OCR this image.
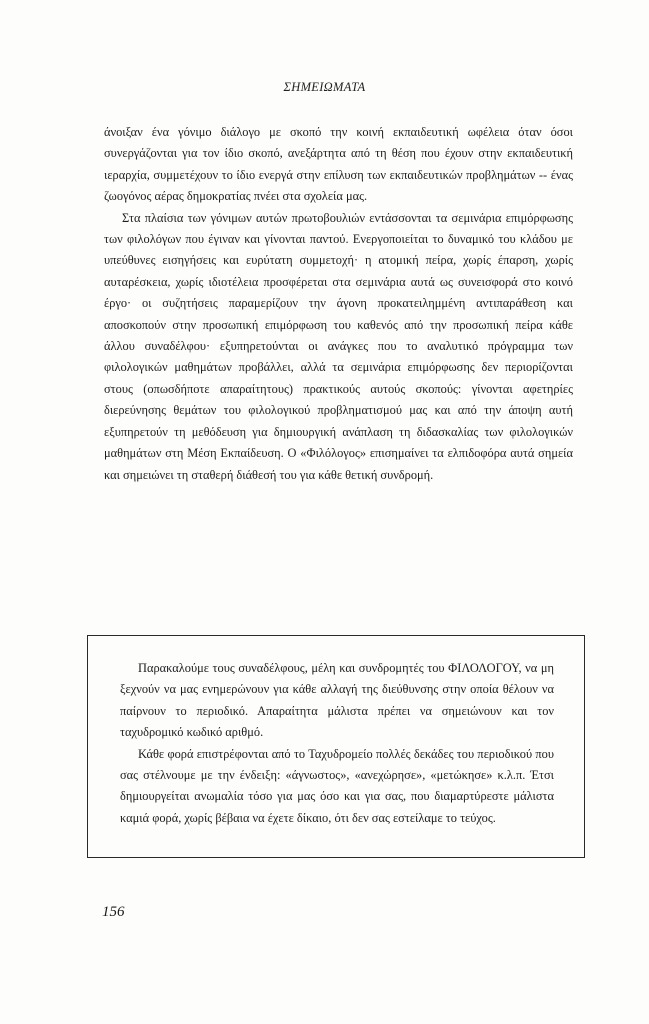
ΣΗΜΕΙΩΜΑΤΑ

άνοιξαν ένα γόνιμο διάλογο με σκοπό την κοινή εκπαιδευτική ωφέλεια όταν όσοι συνεργάζονται για τον ίδιο σκοπό, ανεξάρτητα από τη θέση που έχουν στην εκπαιδευτική ιεραρχία, συμμετέχουν το ίδιο ενεργά στην επίλυση των εκπαιδευτικών προβλημάτων -- ένας ζωογόνος αέρας δημοκρατίας πνέει στα σχολεία μας.

Στα πλαίσια των γόνιμων αυτών πρωτοβουλιών εντάσσονται τα σεμινάρια επιμόρφωσης των φιλολόγων που έγιναν και γίνονται παντού. Ενεργοποιείται το δυναμικό του κλάδου με υπεύθυνες εισηγήσεις και ευρύτατη συμμετοχή· η ατομική πείρα, χωρίς έπαρση, χωρίς αυταρέσκεια, χωρίς ιδιοτέλεια προσφέρεται στα σεμινάρια αυτά ως συνεισφορά στο κοινό έργο· οι συζητήσεις παραμερίζουν την άγονη προκατειλημμένη αντιπαράθεση και αποσκοπούν στην προσωπική επιμόρφωση του καθενός από την προσωπική πείρα κάθε άλλου συναδέλφου· εξυπηρετούνται οι ανάγκες που το αναλυτικό πρόγραμμα των φιλολογικών μαθημάτων προβάλλει, αλλά τα σεμινάρια επιμόρφωσης δεν περιορίζονται στους (οπωσδήποτε απαραίτητους) πρακτικούς αυτούς σκοπούς: γίνονται αφετηρίες διερεύνησης θεμάτων του φιλολογικού προβληματισμού μας και από την άποψη αυτή εξυπηρετούν τη μεθόδευση για δημιουργική ανάπλαση τη διδασκαλίας των φιλολογικών μαθημάτων στη Μέση Εκπαίδευση. Ο «Φιλόλογος» επισημαίνει τα ελπιδοφόρα αυτά σημεία και σημειώνει τη σταθερή διάθεσή του για κάθε θετική συνδρομή.

Παρακαλούμε τους συναδέλφους, μέλη και συνδρομητές του ΦΙΛΟΛΟΓΟΥ, να μη ξεχνούν να μας ενημερώνουν για κάθε αλλαγή της διεύθυνσης στην οποία θέλουν να παίρνουν το περιοδικό. Απαραίτητα μάλιστα πρέπει να σημειώνουν και τον ταχυδρομικό κωδικό αριθμό.

Κάθε φορά επιστρέφονται από το Ταχυδρομείο πολλές δεκάδες του περιοδικού που σας στέλνουμε με την ένδειξη: «άγνωστος», «ανεχώρησε», «μετώκησε» κ.λ.π. Έτσι δημιουργείται ανωμαλία τόσο για μας όσο και για σας, που διαμαρτύρεστε μάλιστα καμιά φορά, χωρίς βέβαια να έχετε δίκαιο, ότι δεν σας εστείλαμε το τεύχος.

156
